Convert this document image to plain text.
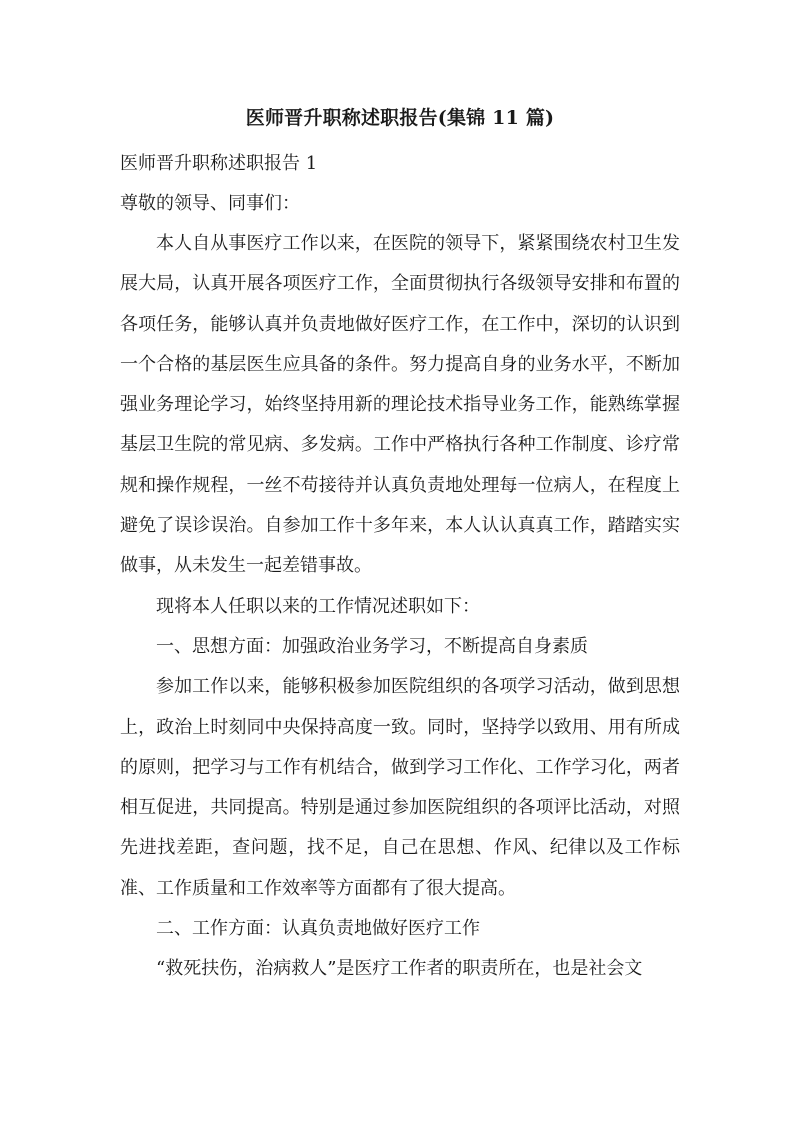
医师晋升职称述职报告(集锦 11 篇)

医师晋升职称述职报告 1

尊敬的领导、同事们：

本人自从事医疗工作以来，在医院的领导下，紧紧围绕农村卫生发展大局，认真开展各项医疗工作，全面贯彻执行各级领导安排和布置的各项任务，能够认真并负责地做好医疗工作，在工作中，深切的认识到一个合格的基层医生应具备的条件。努力提高自身的业务水平，不断加强业务理论学习，始终坚持用新的理论技术指导业务工作，能熟练掌握基层卫生院的常见病、多发病。工作中严格执行各种工作制度、诊疗常规和操作规程，一丝不苟接待并认真负责地处理每一位病人，在程度上避免了误诊误治。自参加工作十多年来，本人认认真真工作，踏踏实实做事，从未发生一起差错事故。

现将本人任职以来的工作情况述职如下：

一、思想方面：加强政治业务学习，不断提高自身素质

参加工作以来，能够积极参加医院组织的各项学习活动，做到思想上，政治上时刻同中央保持高度一致。同时，坚持学以致用、用有所成的原则，把学习与工作有机结合，做到学习工作化、工作学习化，两者相互促进，共同提高。特别是通过参加医院组织的各项评比活动，对照先进找差距，查问题，找不足，自己在思想、作风、纪律以及工作标准、工作质量和工作效率等方面都有了很大提高。

二、工作方面：认真负责地做好医疗工作

“救死扶伤，治病救人”是医疗工作者的职责所在，也是社会文
